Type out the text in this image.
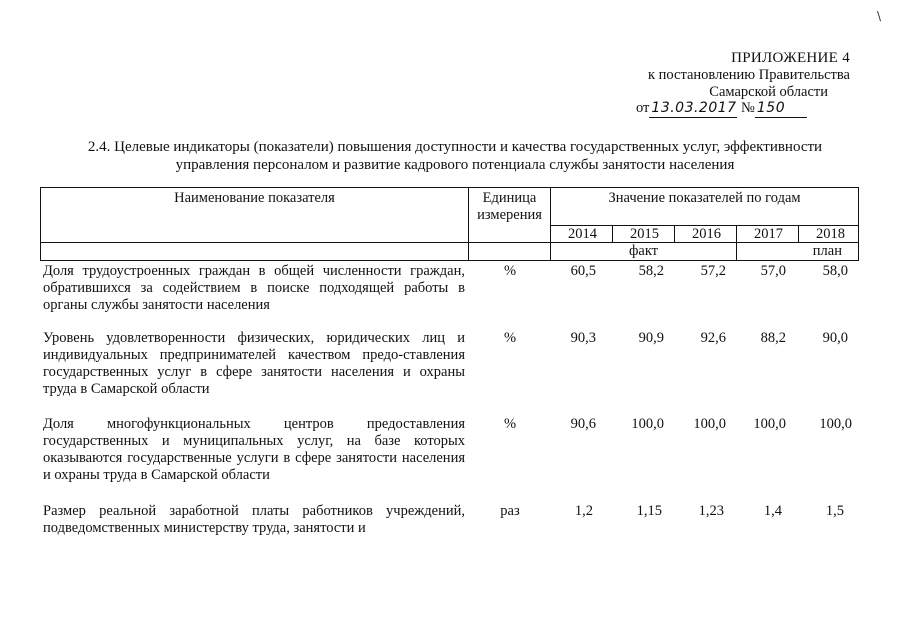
\
ПРИЛОЖЕНИЕ 4
к постановлению Правительства
Самарской области
от 13.03.2017 № 150
2.4. Целевые индикаторы (показатели) повышения доступности и качества государственных услуг, эффективности
управления персоналом и развитие кадрового потенциала службы занятости населения
Наименование показателя	Единица
измерения
Значение показателей по годам
2014	2015	2016	2017	2018
факт	план
Доля трудоустроенных граждан в общей численности граждан, обратившихся за содействием в поиске подходящей работы в органы службы занятости населения
%	60,5	58,2	57,2	57,0	58,0
Уровень удовлетворенности физических, юридических лиц и индивидуальных предпринимателей качеством предо-ставления государственных услуг в сфере занятости населения и охраны труда в Самарской области
%	90,3	90,9	92,6	88,2	90,0
Доля многофункциональных центров предоставления государственных и муниципальных услуг, на базе которых оказываются государственные услуги в сфере занятости населения и охраны труда в Самарской области
%	90,6	100,0	100,0	100,0	100,0
Размер реальной заработной платы работников учреждений, подведомственных министерству труда, занятости и
раз	1,2	1,15	1,23	1,4	1,5
